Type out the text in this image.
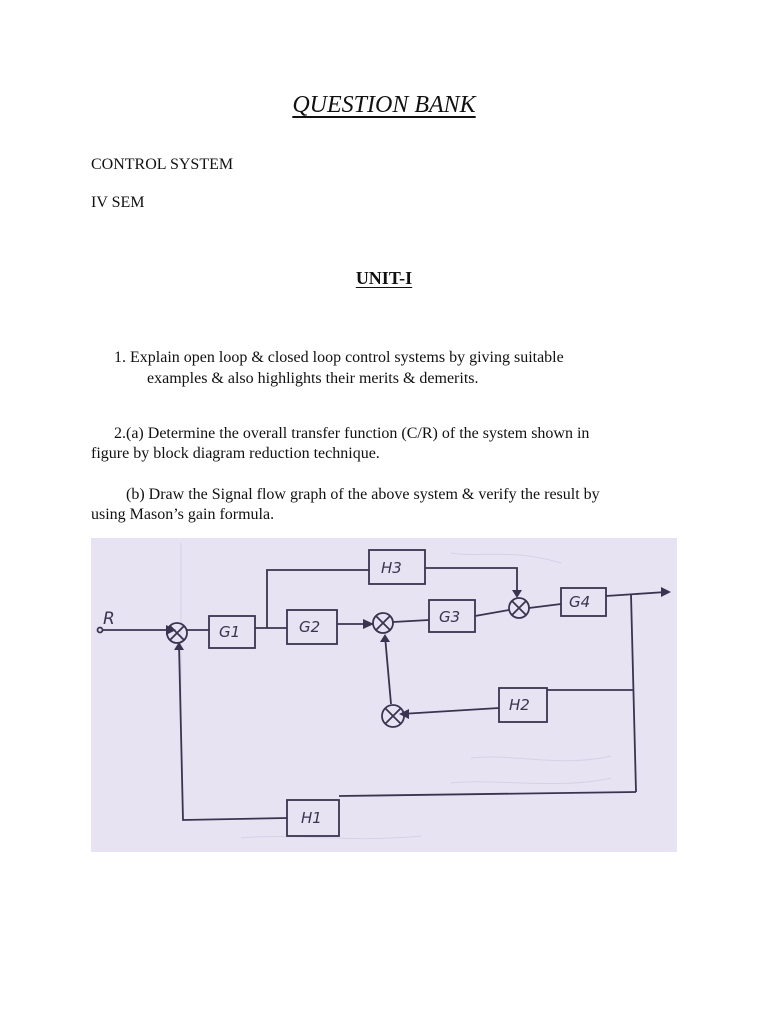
QUESTION BANK
CONTROL SYSTEM
IV SEM
UNIT-I
1. Explain open loop & closed loop control systems by giving suitable
examples & also highlights their merits & demerits.
2.(a) Determine the overall transfer function (C/R) of the system shown in
figure by block diagram reduction technique.
(b) Draw the Signal flow graph of the above system & verify the result by
using Mason’s gain formula.
R
G1	G2
G3
H3
G4
H2
H1
